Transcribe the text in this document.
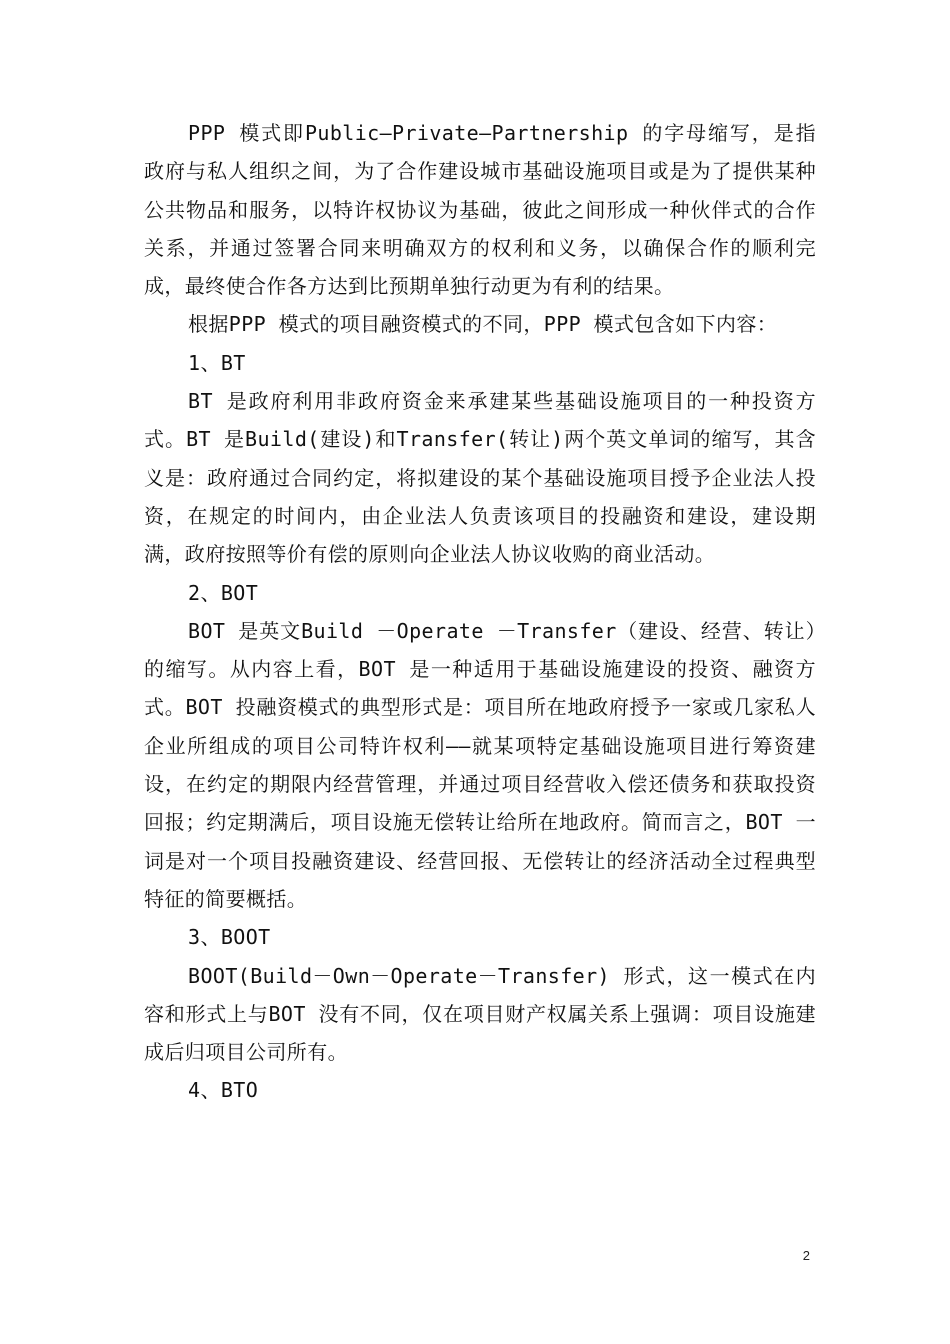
PPP 模式即Public—Private—Partnership 的字母缩写，是指政府与私人组织之间，为了合作建设城市基础设施项目或是为了提供某种公共物品和服务，以特许权协议为基础，彼此之间形成一种伙伴式的合作关系，并通过签署合同来明确双方的权利和义务，以确保合作的顺利完成，最终使合作各方达到比预期单独行动更为有利的结果。

根据PPP 模式的项目融资模式的不同，PPP 模式包含如下内容：

1、BT

BT 是政府利用非政府资金来承建某些基础设施项目的一种投资方式。BT 是Build(建设)和Transfer(转让)两个英文单词的缩写，其含义是：政府通过合同约定，将拟建设的某个基础设施项目授予企业法人投资，在规定的时间内，由企业法人负责该项目的投融资和建设，建设期满，政府按照等价有偿的原则向企业法人协议收购的商业活动。

2、BOT

BOT 是英文Build －Operate －Transfer（建设、经营、转让）的缩写。从内容上看，BOT 是一种适用于基础设施建设的投资、融资方式。BOT 投融资模式的典型形式是：项目所在地政府授予一家或几家私人企业所组成的项目公司特许权利——就某项特定基础设施项目进行筹资建设，在约定的期限内经营管理，并通过项目经营收入偿还债务和获取投资回报；约定期满后，项目设施无偿转让给所在地政府。简而言之，BOT 一词是对一个项目投融资建设、经营回报、无偿转让的经济活动全过程典型特征的简要概括。

3、BOOT

BOOT(Build－Own－Operate－Transfer) 形式，这一模式在内容和形式上与BOT 没有不同，仅在项目财产权属关系上强调：项目设施建成后归项目公司所有。

4、BTO

2
